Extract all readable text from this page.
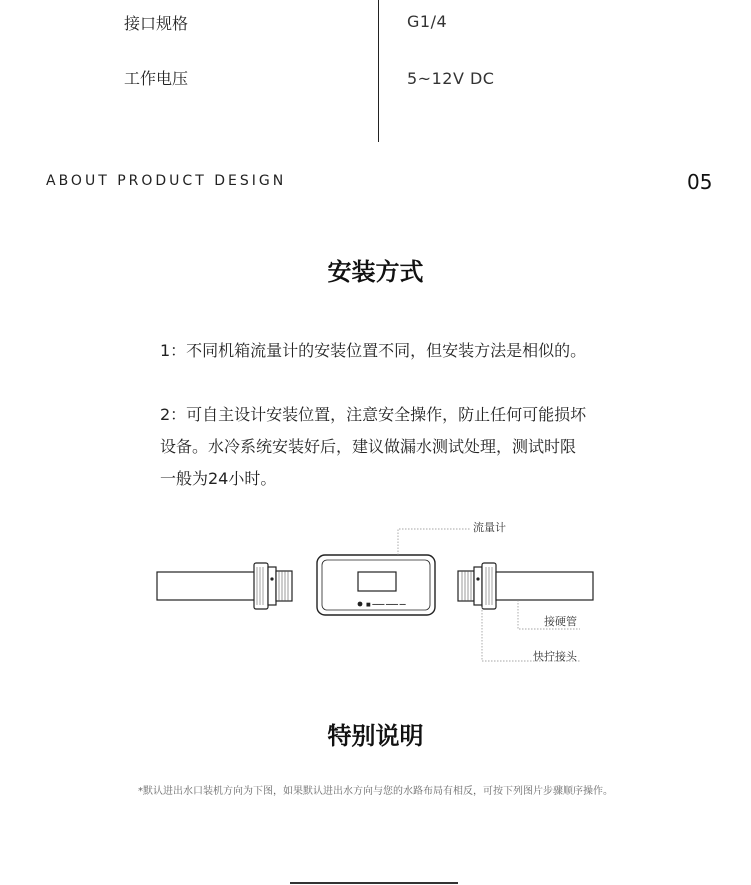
接口规格	G1/4
工作电压	5~12V DC
ABOUT PRODUCT DESIGN	05
安装方式
1：不同机箱流量计的安装位置不同，但安装方法是相似的。
2：可自主设计安装位置，注意安全操作，防止任何可能损坏
设备。水冷系统安装好后，建议做漏水测试处理，测试时限
一般为24小时。
■ ━━━━ ━━━━ ━━
流量计
接硬管
快拧接头
特别说明
*默认进出水口装机方向为下图，如果默认进出水方向与您的水路布局有相反，可按下列图片步骤顺序操作。
